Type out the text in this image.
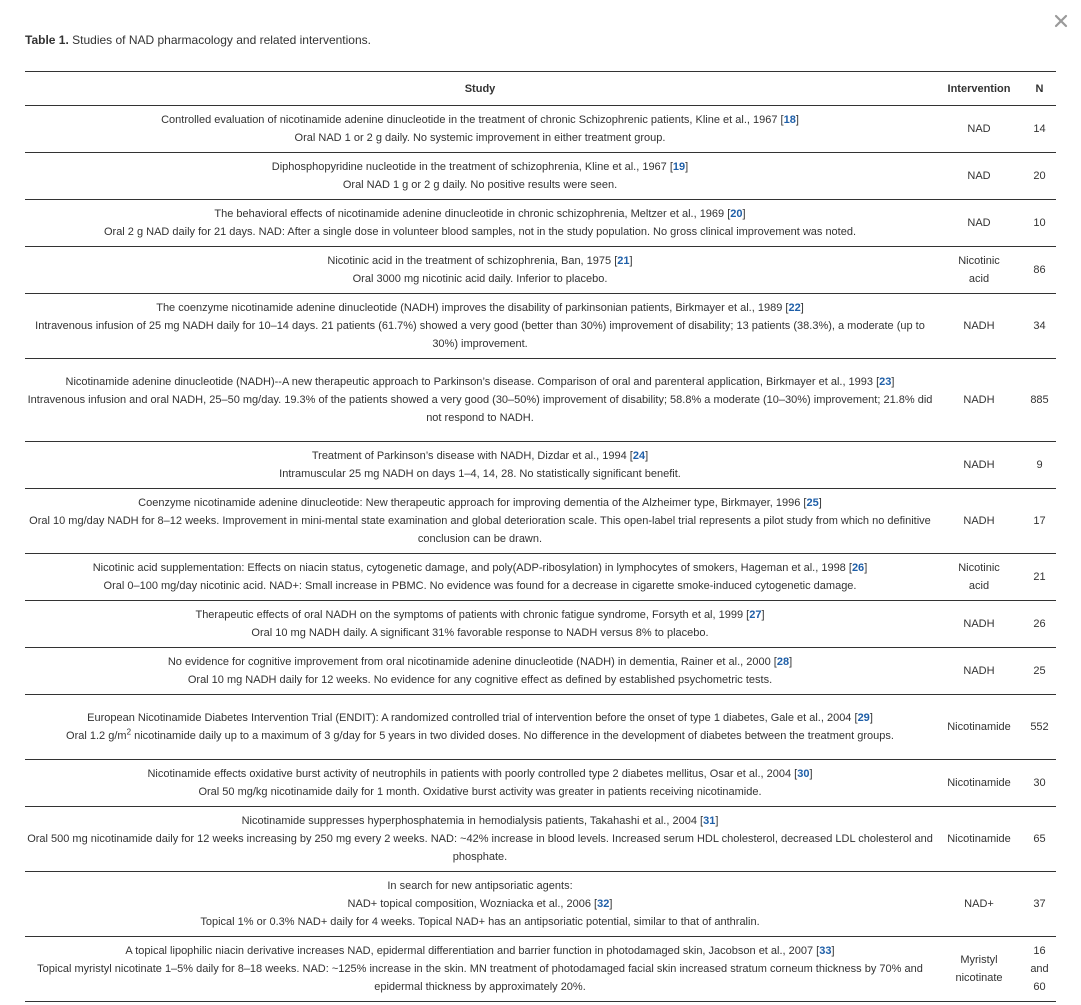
Table 1. Studies of NAD pharmacology and related interventions.
Study	Intervention	N

Controlled evaluation of nicotinamide adenine dinucleotide in the treatment of chronic Schizophrenic patients, Kline et al., 1967 [18]
Oral NAD 1 or 2 g daily. No systemic improvement in either treatment group.	NAD	14

Diphosphopyridine nucleotide in the treatment of schizophrenia, Kline et al., 1967 [19]
Oral NAD 1 g or 2 g daily. No positive results were seen.	NAD	20

The behavioral effects of nicotinamide adenine dinucleotide in chronic schizophrenia, Meltzer et al., 1969 [20]
Oral 2 g NAD daily for 21 days. NAD: After a single dose in volunteer blood samples, not in the study population. No gross clinical improvement was noted.	NAD	10

Nicotinic acid in the treatment of schizophrenia, Ban, 1975 [21]
Oral 3000 mg nicotinic acid daily. Inferior to placebo.	Nicotinic acid	86

The coenzyme nicotinamide adenine dinucleotide (NADH) improves the disability of parkinsonian patients, Birkmayer et al., 1989 [22]
Intravenous infusion of 25 mg NADH daily for 10–14 days. 21 patients (61.7%) showed a very good (better than 30%) improvement of disability; 13 patients (38.3%), a moderate (up to 30%) improvement.	NADH	34

Nicotinamide adenine dinucleotide (NADH)--A new therapeutic approach to Parkinson’s disease. Comparison of oral and parenteral application, Birkmayer et al., 1993 [23]
Intravenous infusion and oral NADH, 25–50 mg/day. 19.3% of the patients showed a very good (30–50%) improvement of disability; 58.8% a moderate (10–30%) improvement; 21.8% did not respond to NADH.	NADH	885

Treatment of Parkinson’s disease with NADH, Dizdar et al., 1994 [24]
Intramuscular 25 mg NADH on days 1–4, 14, 28. No statistically significant benefit.	NADH	9

Coenzyme nicotinamide adenine dinucleotide: New therapeutic approach for improving dementia of the Alzheimer type, Birkmayer, 1996 [25]
Oral 10 mg/day NADH for 8–12 weeks. Improvement in mini-mental state examination and global deterioration scale. This open-label trial represents a pilot study from which no definitive conclusion can be drawn.	NADH	17

Nicotinic acid supplementation: Effects on niacin status, cytogenetic damage, and poly(ADP-ribosylation) in lymphocytes of smokers, Hageman et al., 1998 [26]
Oral 0–100 mg/day nicotinic acid. NAD+: Small increase in PBMC. No evidence was found for a decrease in cigarette smoke-induced cytogenetic damage.	Nicotinic acid	21

Therapeutic effects of oral NADH on the symptoms of patients with chronic fatigue syndrome, Forsyth et al, 1999 [27]
Oral 10 mg NADH daily. A significant 31% favorable response to NADH versus 8% to placebo.	NADH	26

No evidence for cognitive improvement from oral nicotinamide adenine dinucleotide (NADH) in dementia, Rainer et al., 2000 [28]
Oral 10 mg NADH daily for 12 weeks. No evidence for any cognitive effect as defined by established psychometric tests.	NADH	25

European Nicotinamide Diabetes Intervention Trial (ENDIT): A randomized controlled trial of intervention before the onset of type 1 diabetes, Gale et al., 2004 [29]
Oral 1.2 $g/m^2$ nicotinamide daily up to a maximum of 3 g/day for 5 years in two divided doses. No difference in the development of diabetes between the treatment groups.	Nicotinamide	552

Nicotinamide effects oxidative burst activity of neutrophils in patients with poorly controlled type 2 diabetes mellitus, Osar et al., 2004 [30]
Oral 50 mg/kg nicotinamide daily for 1 month. Oxidative burst activity was greater in patients receiving nicotinamide.	Nicotinamide	30

Nicotinamide suppresses hyperphosphatemia in hemodialysis patients, Takahashi et al., 2004 [31]
Oral 500 mg nicotinamide daily for 12 weeks increasing by 250 mg every 2 weeks. NAD: ~42% increase in blood levels. Increased serum HDL cholesterol, decreased LDL cholesterol and phosphate.	Nicotinamide	65

In search for new antipsoriatic agents:
NAD+ topical composition, Wozniacka et al., 2006 [32]
Topical 1% or 0.3% NAD+ daily for 4 weeks. Topical NAD+ has an antipsoriatic potential, similar to that of anthralin.	NAD+	37

A topical lipophilic niacin derivative increases NAD, epidermal differentiation and barrier function in photodamaged skin, Jacobson et al., 2007 [33]
Topical myristyl nicotinate 1–5% daily for 8–18 weeks. NAD: ~125% increase in the skin. MN treatment of photodamaged facial skin increased stratum corneum thickness by 70% and epidermal thickness by approximately 20%.	Myristyl nicotinate	16 and 60
